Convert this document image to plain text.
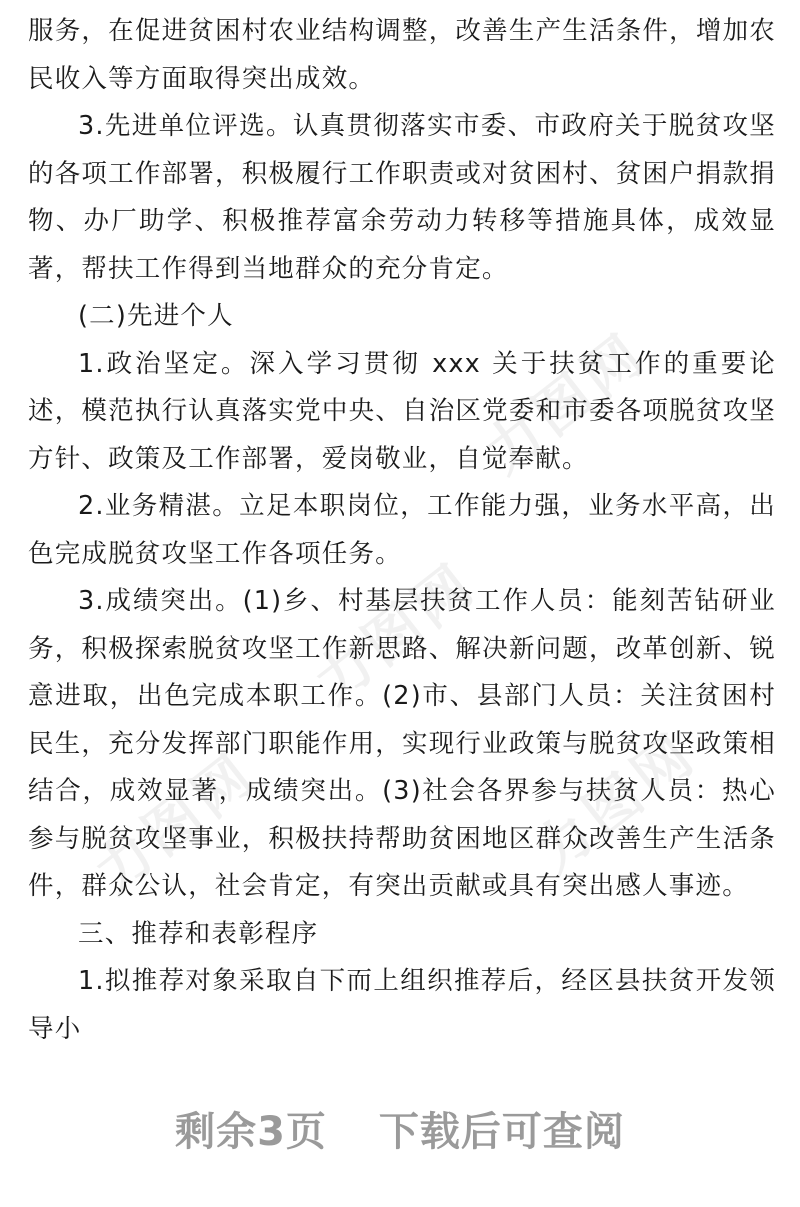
力图网
力图网
力图网
力图网

服务，在促进贫困村农业结构调整，改善生产生活条件，增加农民收入等方面取得突出成效。

3.先进单位评选。认真贯彻落实市委、市政府关于脱贫攻坚的各项工作部署，积极履行工作职责或对贫困村、贫困户捐款捐物、办厂助学、积极推荐富余劳动力转移等措施具体，成效显著，帮扶工作得到当地群众的充分肯定。

(二)先进个人

1.政治坚定。深入学习贯彻 xxx 关于扶贫工作的重要论述，模范执行认真落实党中央、自治区党委和市委各项脱贫攻坚方针、政策及工作部署，爱岗敬业，自觉奉献。

2.业务精湛。立足本职岗位，工作能力强，业务水平高，出色完成脱贫攻坚工作各项任务。

3.成绩突出。(1)乡、村基层扶贫工作人员：能刻苦钻研业务，积极探索脱贫攻坚工作新思路、解决新问题，改革创新、锐意进取，出色完成本职工作。(2)市、县部门人员：关注贫困村民生，充分发挥部门职能作用，实现行业政策与脱贫攻坚政策相结合，成效显著，成绩突出。(3)社会各界参与扶贫人员：热心参与脱贫攻坚事业，积极扶持帮助贫困地区群众改善生产生活条件，群众公认，社会肯定，有突出贡献或具有突出感人事迹。

三、推荐和表彰程序

1.拟推荐对象采取自下而上组织推荐后，经区县扶贫开发领导小

剩余3页 下载后可查阅
